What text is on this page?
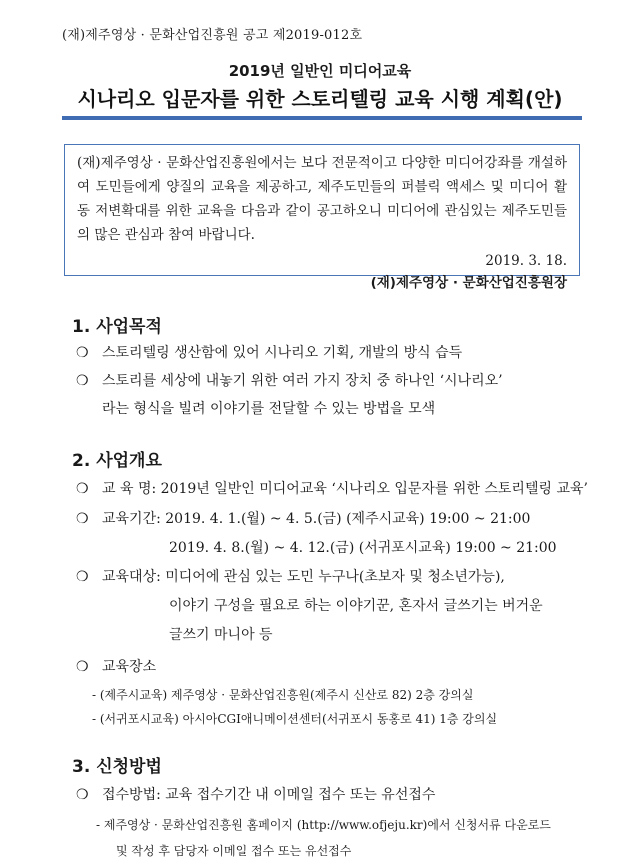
(재)제주영상 · 문화산업진흥원 공고 제2019-012호
2019년 일반인 미디어교육
시나리오 입문자를 위한 스토리텔링 교육 시행 계획(안)

(재)제주영상 · 문화산업진흥원에서는 보다 전문적이고 다양한 미디어강좌를 개설하여 도민들에게 양질의 교육을 제공하고, 제주도민들의 퍼블릭 액세스 및 미디어 활동 저변확대를 위한 교육을 다음과 같이 공고하오니 미디어에 관심있는 제주도민들의 많은 관심과 참여 바랍니다.

2019. 3. 18.
(재)제주영상 · 문화산업진흥원장
1. 사업목적
❍ 스토리텔링 생산함에 있어 시나리오 기획, 개발의 방식 습득
❍ 스토리를 세상에 내놓기 위한 여러 가지 장치 중 하나인 ‘시나리오’
라는 형식을 빌려 이야기를 전달할 수 있는 방법을 모색
2. 사업개요
❍ 교 육 명: 2019년 일반인 미디어교육 ‘시나리오 입문자를 위한 스토리텔링 교육’
❍ 교육기간: 2019. 4. 1.(월) ~ 4. 5.(금) (제주시교육) 19:00 ~ 21:00
2019. 4. 8.(월) ~ 4. 12.(금) (서귀포시교육) 19:00 ~ 21:00
❍ 교육대상: 미디어에 관심 있는 도민 누구나(초보자 및 청소년가능),
이야기 구성을 필요로 하는 이야기꾼, 혼자서 글쓰기는 버거운
글쓰기 마니아 등
❍ 교육장소
- (제주시교육) 제주영상 · 문화산업진흥원(제주시 신산로 82) 2층 강의실
- (서귀포시교육) 아시아CGI애니메이션센터(서귀포시 동홍로 41) 1층 강의실
3. 신청방법
❍ 접수방법: 교육 접수기간 내 이메일 접수 또는 유선접수
- 제주영상 · 문화산업진흥원 홈페이지 (http://www.ofjeju.kr)에서 신청서류 다운로드
및 작성 후 담당자 이메일 접수 또는 유선접수
